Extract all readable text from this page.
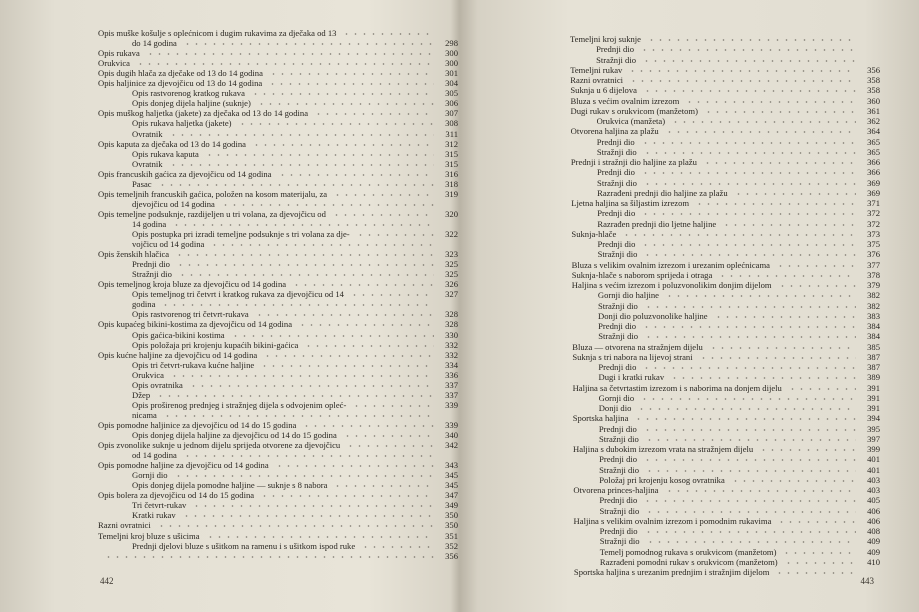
Opis muške košulje s oplećnicom i dugim rukavima za dječaka od 13
do 14 godina	298
Opis rukava	300
Orukvica	300
Opis dugih hlača za dječake od 13 do 14 godina	301
Opis haljinice za djevojčicu od 13 do 14 godina	304
Opis rastvorenog kratkog rukava	305
Opis donjeg dijela haljine (suknje)	306
Opis muškog haljetka (jakete) za dječaka od 13 do 14 godina	307
Opis rukava haljetka (jakete)	308
Ovratnik	311
Opis kaputa za dječaka od 13 do 14 godina	312
Opis rukava kaputa	315
Ovratnik	315
Opis francuskih gaćica za djevojčicu od 14 godina	316
Pasac	318
Opis temeljnih francuskih gaćica, položen na kosom materijalu, za	319
djevojčicu od 14 godina
Opis temeljne podsuknje, razdijeljen u tri volana, za djevojčicu od	320
14 godina
Opis postupka pri izradi temeljne podsuknje s tri volana za dje-	322
vojčicu od 14 godina
Opis ženskih hlačica	323
Prednji dio	325
Stražnji dio	325
Opis temeljnog kroja bluze za djevojčicu od 14 godina	326
Opis temeljnog tri četvrt i kratkog rukava za djevojčicu od 14	327
godina
Opis rastvorenog tri četvrt-rukava	328
Opis kupaćeg bikini-kostima za djevojčicu od 14 godina	328
Opis gaćica-bikini kostima	330
Opis položaja pri krojenju kupaćih bikini-gaćica	332
Opis kućne haljine za djevojčicu od 14 godina	332
Opis tri četvrt-rukava kućne haljine	334
Orukvica	336
Opis ovratnika	337
Džep	337
Opis proširenog prednjeg i stražnjeg dijela s odvojenim opleć-	339
nicama
Opis pomodne haljinice za djevojčicu od 14 do 15 godina	339
Opis donjeg dijela haljine za djevojčicu od 14 do 15 godina	340
Opis zvonolike suknje u jednom dijelu sprijeda otvorene za djevojčicu	342
od 14 godina
Opis pomodne haljine za djevojčicu od 14 godina	343
Gornji dio	345
Opis donjeg dijela pomodne haljine — suknje s 8 nabora	345
Opis bolera za djevojčicu od 14 do 15 godina	347
Tri četvrt-rukav	349
Kratki rukav	350
Razni ovratnici	350
Temeljni kroj bluze s ušicima	351
Prednji djelovi bluze s ušitkom na ramenu i s ušitkom ispod ruke	352
356
442
Temeljni kroj suknje
Prednji dio
Stražnji dio
Temeljni rukav	356
Razni ovratnici	358
Suknja u 6 dijelova	358
Bluza s većim ovalnim izrezom	360
Dugi rukav s orukvicom (manžetom)	361
Orukvica (manžeta)	362
Otvorena haljina za plažu	364
Prednji dio	365
Stražnji dio	365
Prednji i stražnji dio haljine za plažu	366
Prednji dio	366
Stražnji dio	369
Razrađeni prednji dio haljine za plažu	369
Ljetna haljina sa šiljastim izrezom	371
Prednji dio	372
Razrađen prednji dio ljetne haljine	372
Suknja-hlače	373
Prednji dio	375
Stražnji dio	376
Bluza s velikim ovalnim izrezom i urezanim oplećnicama	377
Suknja-hlače s naborom sprijeda i otraga	378
Haljina s većim izrezom i poluzvonolikim donjim dijelom	379
Gornji dio haljine	382
Stražnji dio	382
Donji dio poluzvonolike haljine	383
Prednji dio	384
Stražnji dio	384
Bluza — otvorena na stražnjem dijelu	385
Suknja s tri nabora na lijevoj strani	387
Prednji dio	387
Dugi i kratki rukav	389
Haljina sa četvrtastim izrezom i s naborima na donjem dijelu	391
Gornji dio	391
Donji dio	391
Sportska haljina	394
Prednji dio	395
Stražnji dio	397
Haljina s dubokim izrezom vrata na stražnjem dijelu	399
Prednji dio	401
Stražnji dio	401
Položaj pri krojenju kosog ovratnika	403
Otvorena princes-haljina	403
Prednji dio	405
Stražnji dio	406
Haljina s velikim ovalnim izrezom i pomodnim rukavima	406
Prednji dio	408
Stražnji dio	409
Temelj pomodnog rukava s orukvicom (manžetom)	409
Razrađeni pomodni rukav s orukvicom (manžetom)	410
Sportska haljina s urezanim prednjim i stražnjim dijelom
443
